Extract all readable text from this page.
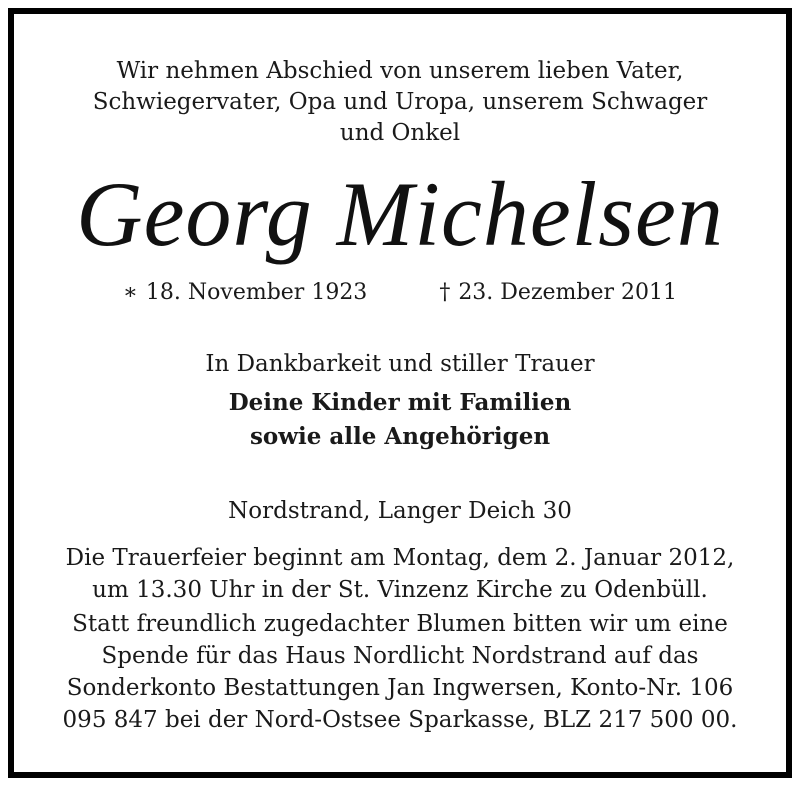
Wir nehmen Abschied von unserem lieben Vater,
Schwiegervater, Opa und Uropa, unserem Schwager
und Onkel
Georg Michelsen
∗ 18. November 1923	† 23. Dezember 2011
In Dankbarkeit und stiller Trauer
Deine Kinder mit Familien
sowie alle Angehörigen
Nordstrand, Langer Deich 30
Die Trauerfeier beginnt am Montag, dem 2. Januar 2012,
um 13.30 Uhr in der St. Vinzenz Kirche zu Odenbüll.
Statt freundlich zugedachter Blumen bitten wir um eine
Spende für das Haus Nordlicht Nordstrand auf das
Sonderkonto Bestattungen Jan Ingwersen, Konto-Nr. 106
095 847 bei der Nord-Ostsee Sparkasse, BLZ 217 500 00.
